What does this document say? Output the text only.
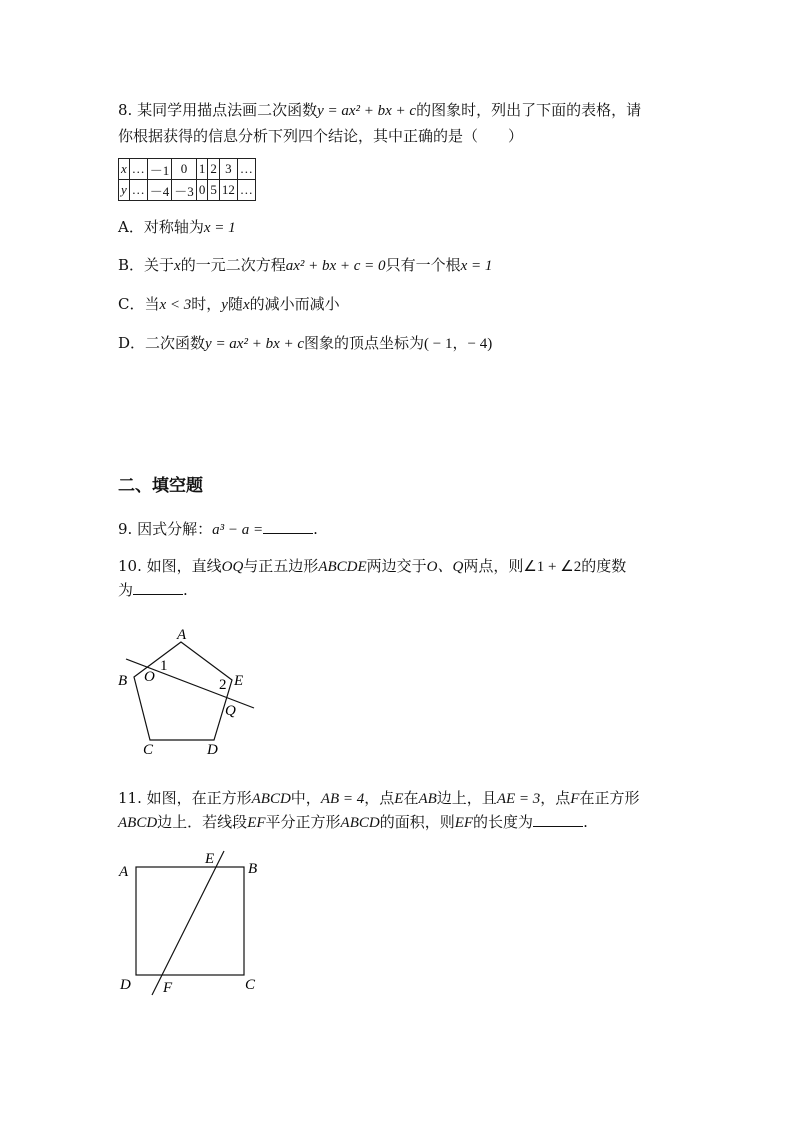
8. 某同学用描点法画二次函数y = ax² + bx + c的图象时，列出了下面的表格，请
你根据获得的信息分析下列四个结论，其中正确的是（　　）
x	…	－1	0	1	2	3	…
y	…	－4	－3	0	5	12	…
A．对称轴为x = 1
B．关于x的一元二次方程ax² + bx + c = 0只有一个根x = 1
C．当x < 3时，y随x的减小而减小
D．二次函数y = ax² + bx + c图象的顶点坐标为( − 1，− 4)
二、填空题
9. 因式分解：a³ − a =	.
10. 如图，直线OQ与正五边形ABCDE两边交于O、Q两点，则∠1 + ∠2的度数
为	.
A
B
C	D
E
O
Q
1
2
11. 如图，在正方形ABCD中，AB = 4，点E在AB边上，且AE = 3，点F在正方形
ABCD边上．若线段EF平分正方形ABCD的面积，则EF的长度为	.
A	B
C
D
E
F
